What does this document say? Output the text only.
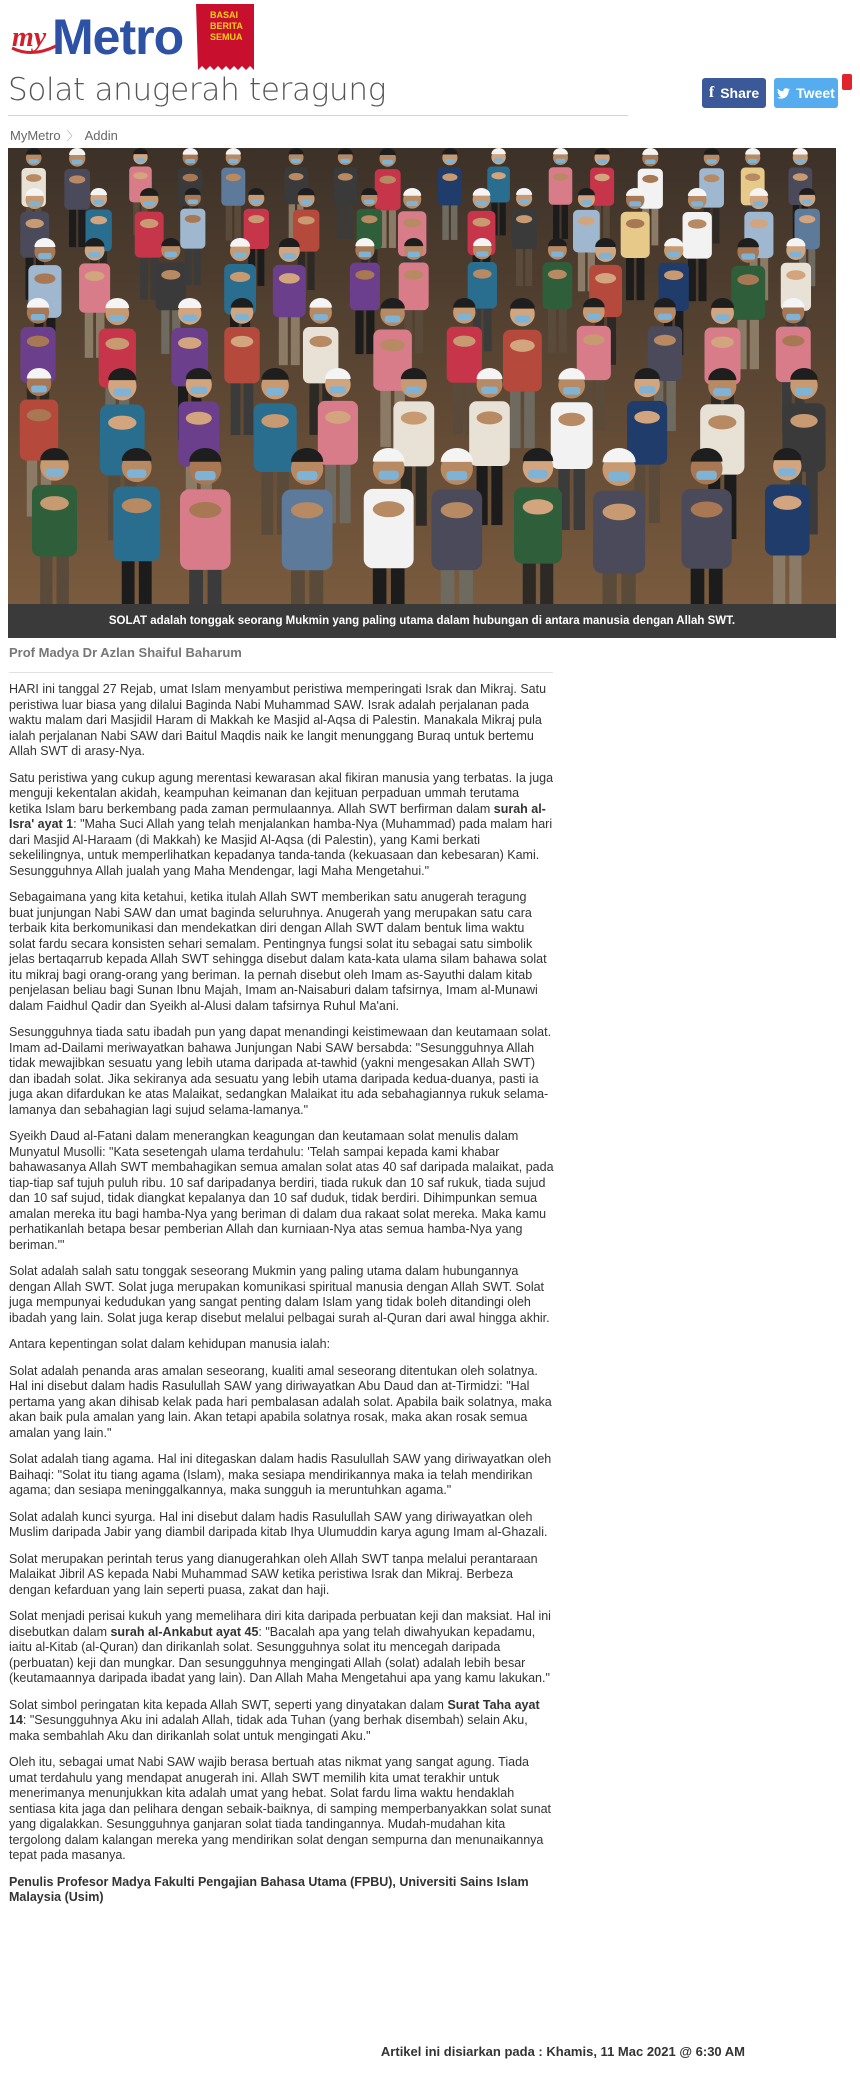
BASAI
BERITA
SEMUA
Metro
my
Solat anugerah teragung	f Share	Tweet
MyMetro 〉 Addin
SOLAT adalah tonggak seorang Mukmin yang paling utama dalam hubungan di antara manusia dengan Allah SWT.
Prof Madya Dr Azlan Shaiful Baharum

HARI ini tanggal 27 Rejab, umat Islam menyambut peristiwa memperingati Israk dan Mikraj. Satu peristiwa luar biasa yang dilalui Baginda Nabi Muhammad SAW. Israk adalah perjalanan pada waktu malam dari Masjidil Haram di Makkah ke Masjid al-Aqsa di Palestin. Manakala Mikraj pula ialah perjalanan Nabi SAW dari Baitul Maqdis naik ke langit menunggang Buraq untuk bertemu Allah SWT di arasy-Nya.

Satu peristiwa yang cukup agung merentasi kewarasan akal fikiran manusia yang terbatas. Ia juga menguji kekentalan akidah, keampuhan keimanan dan kejituan perpaduan ummah terutama ketika Islam baru berkembang pada zaman permulaannya. Allah SWT berfirman dalam surah al-Isra' ayat 1: "Maha Suci Allah yang telah menjalankan hamba-Nya (Muhammad) pada malam hari dari Masjid Al-Haraam (di Makkah) ke Masjid Al-Aqsa (di Palestin), yang Kami berkati sekelilingnya, untuk memperlihatkan kepadanya tanda-tanda (kekuasaan dan kebesaran) Kami. Sesungguhnya Allah jualah yang Maha Mendengar, lagi Maha Mengetahui."

Sebagaimana yang kita ketahui, ketika itulah Allah SWT memberikan satu anugerah teragung buat junjungan Nabi SAW dan umat baginda seluruhnya. Anugerah yang merupakan satu cara terbaik kita berkomunikasi dan mendekatkan diri dengan Allah SWT dalam bentuk lima waktu solat fardu secara konsisten sehari semalam. Pentingnya fungsi solat itu sebagai satu simbolik jelas bertaqarrub kepada Allah SWT sehingga disebut dalam kata-kata ulama silam bahawa solat itu mikraj bagi orang-orang yang beriman. Ia pernah disebut oleh Imam as-Sayuthi dalam kitab penjelasan beliau bagi Sunan Ibnu Majah, Imam an-Naisaburi dalam tafsirnya, Imam al-Munawi dalam Faidhul Qadir dan Syeikh al-Alusi dalam tafsirnya Ruhul Ma'ani.

Sesungguhnya tiada satu ibadah pun yang dapat menandingi keistimewaan dan keutamaan solat. Imam ad-Dailami meriwayatkan bahawa Junjungan Nabi SAW bersabda: "Sesungguhnya Allah tidak mewajibkan sesuatu yang lebih utama daripada at-tawhid (yakni mengesakan Allah SWT) dan ibadah solat. Jika sekiranya ada sesuatu yang lebih utama daripada kedua-duanya, pasti ia juga akan difardukan ke atas Malaikat, sedangkan Malaikat itu ada sebahagiannya rukuk selama-lamanya dan sebahagian lagi sujud selama-lamanya."

Syeikh Daud al-Fatani dalam menerangkan keagungan dan keutamaan solat menulis dalam Munyatul Musolli: "Kata sesetengah ulama terdahulu: 'Telah sampai kepada kami khabar bahawasanya Allah SWT membahagikan semua amalan solat atas 40 saf daripada malaikat, pada tiap-tiap saf tujuh puluh ribu. 10 saf daripadanya berdiri, tiada rukuk dan 10 saf rukuk, tiada sujud dan 10 saf sujud, tidak diangkat kepalanya dan 10 saf duduk, tidak berdiri. Dihimpunkan semua amalan mereka itu bagi hamba-Nya yang beriman di dalam dua rakaat solat mereka. Maka kamu perhatikanlah betapa besar pemberian Allah dan kurniaan-Nya atas semua hamba-Nya yang beriman.'"

Solat adalah salah satu tonggak seseorang Mukmin yang paling utama dalam hubungannya dengan Allah SWT. Solat juga merupakan komunikasi spiritual manusia dengan Allah SWT. Solat juga mempunyai kedudukan yang sangat penting dalam Islam yang tidak boleh ditandingi oleh ibadah yang lain. Solat juga kerap disebut melalui pelbagai surah al-Quran dari awal hingga akhir.

Antara kepentingan solat dalam kehidupan manusia ialah:

Solat adalah penanda aras amalan seseorang, kualiti amal seseorang ditentukan oleh solatnya. Hal ini disebut dalam hadis Rasulullah SAW yang diriwayatkan Abu Daud dan at-Tirmidzi: "Hal pertama yang akan dihisab kelak pada hari pembalasan adalah solat. Apabila baik solatnya, maka akan baik pula amalan yang lain. Akan tetapi apabila solatnya rosak, maka akan rosak semua amalan yang lain."

Solat adalah tiang agama. Hal ini ditegaskan dalam hadis Rasulullah SAW yang diriwayatkan oleh Baihaqi: "Solat itu tiang agama (Islam), maka sesiapa mendirikannya maka ia telah mendirikan agama; dan sesiapa meninggalkannya, maka sungguh ia meruntuhkan agama."

Solat adalah kunci syurga. Hal ini disebut dalam hadis Rasulullah SAW yang diriwayatkan oleh Muslim daripada Jabir yang diambil daripada kitab Ihya Ulumuddin karya agung Imam al-Ghazali.

Solat merupakan perintah terus yang dianugerahkan oleh Allah SWT tanpa melalui perantaraan Malaikat Jibril AS kepada Nabi Muhammad SAW ketika peristiwa Israk dan Mikraj. Berbeza dengan kefarduan yang lain seperti puasa, zakat dan haji.

Solat menjadi perisai kukuh yang memelihara diri kita daripada perbuatan keji dan maksiat. Hal ini disebutkan dalam surah al-Ankabut ayat 45: "Bacalah apa yang telah diwahyukan kepadamu, iaitu al-Kitab (al-Quran) dan dirikanlah solat. Sesungguhnya solat itu mencegah daripada (perbuatan) keji dan mungkar. Dan sesungguhnya mengingati Allah (solat) adalah lebih besar (keutamaannya daripada ibadat yang lain). Dan Allah Maha Mengetahui apa yang kamu lakukan."

Solat simbol peringatan kita kepada Allah SWT, seperti yang dinyatakan dalam Surat Taha ayat 14: "Sesungguhnya Aku ini adalah Allah, tidak ada Tuhan (yang berhak disembah) selain Aku, maka sembahlah Aku dan dirikanlah solat untuk mengingati Aku."

Oleh itu, sebagai umat Nabi SAW wajib berasa bertuah atas nikmat yang sangat agung. Tiada umat terdahulu yang mendapat anugerah ini. Allah SWT memilih kita umat terakhir untuk menerimanya menunjukkan kita adalah umat yang hebat. Solat fardu lima waktu hendaklah sentiasa kita jaga dan pelihara dengan sebaik-baiknya, di samping memperbanyakkan solat sunat yang digalakkan. Sesungguhnya ganjaran solat tiada tandingannya. Mudah-mudahan kita tergolong dalam kalangan mereka yang mendirikan solat dengan sempurna dan menunaikannya tepat pada masanya.

Penulis Profesor Madya Fakulti Pengajian Bahasa Utama (FPBU), Universiti Sains Islam Malaysia (Usim)

Artikel ini disiarkan pada : Khamis, 11 Mac 2021 @ 6:30 AM
